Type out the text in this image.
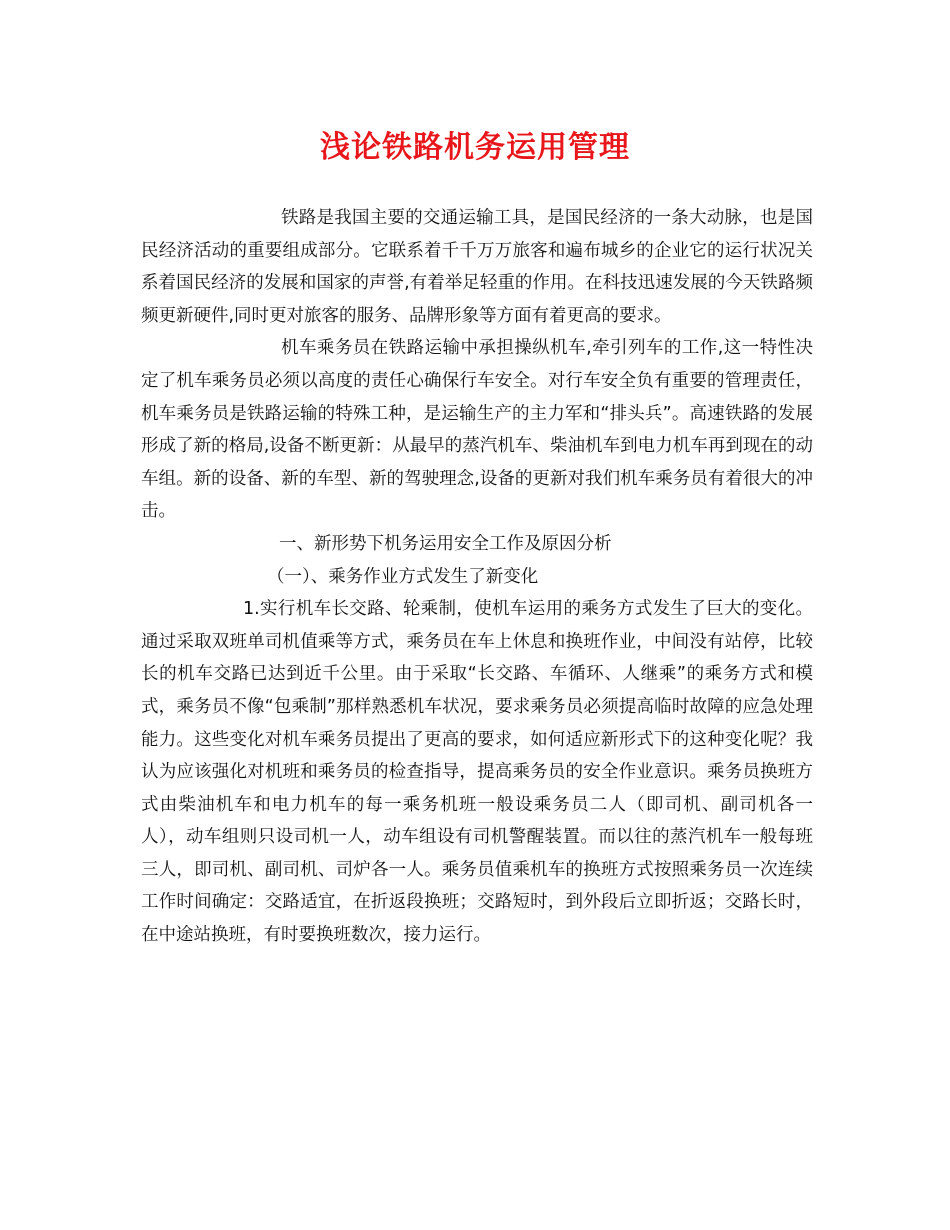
浅论铁路机务运用管理

铁路是我国主要的交通运输工具，是国民经济的一条大动脉，也是国民经济活动的重要组成部分。它联系着千千万万旅客和遍布城乡的企业它的运行状况关系着国民经济的发展和国家的声誉,有着举足轻重的作用。在科技迅速发展的今天铁路频频更新硬件,同时更对旅客的服务、品牌形象等方面有着更高的要求。

机车乘务员在铁路运输中承担操纵机车,牵引列车的工作,这一特性决定了机车乘务员必须以高度的责任心确保行车安全。对行车安全负有重要的管理责任，机车乘务员是铁路运输的特殊工种，是运输生产的主力军和“排头兵”。高速铁路的发展形成了新的格局,设备不断更新：从最早的蒸汽机车、柴油机车到电力机车再到现在的动车组。新的设备、新的车型、新的驾驶理念,设备的更新对我们机车乘务员有着很大的冲击。

一、新形势下机务运用安全工作及原因分析

（一）、乘务作业方式发生了新变化

1.实行机车长交路、轮乘制，使机车运用的乘务方式发生了巨大的变化。通过采取双班单司机值乘等方式，乘务员在车上休息和换班作业，中间没有站停，比较长的机车交路已达到近千公里。由于采取“长交路、车循环、人继乘”的乘务方式和模式，乘务员不像“包乘制”那样熟悉机车状况，要求乘务员必须提高临时故障的应急处理能力。这些变化对机车乘务员提出了更高的要求，如何适应新形式下的这种变化呢？我认为应该强化对机班和乘务员的检查指导，提高乘务员的安全作业意识。乘务员换班方式由柴油机车和电力机车的每一乘务机班一般设乘务员二人（即司机、副司机各一人），动车组则只设司机一人，动车组设有司机警醒装置。而以往的蒸汽机车一般每班三人，即司机、副司机、司炉各一人。乘务员值乘机车的换班方式按照乘务员一次连续工作时间确定：交路适宜，在折返段换班；交路短时，到外段后立即折返；交路长时，在中途站换班，有时要换班数次，接力运行。
